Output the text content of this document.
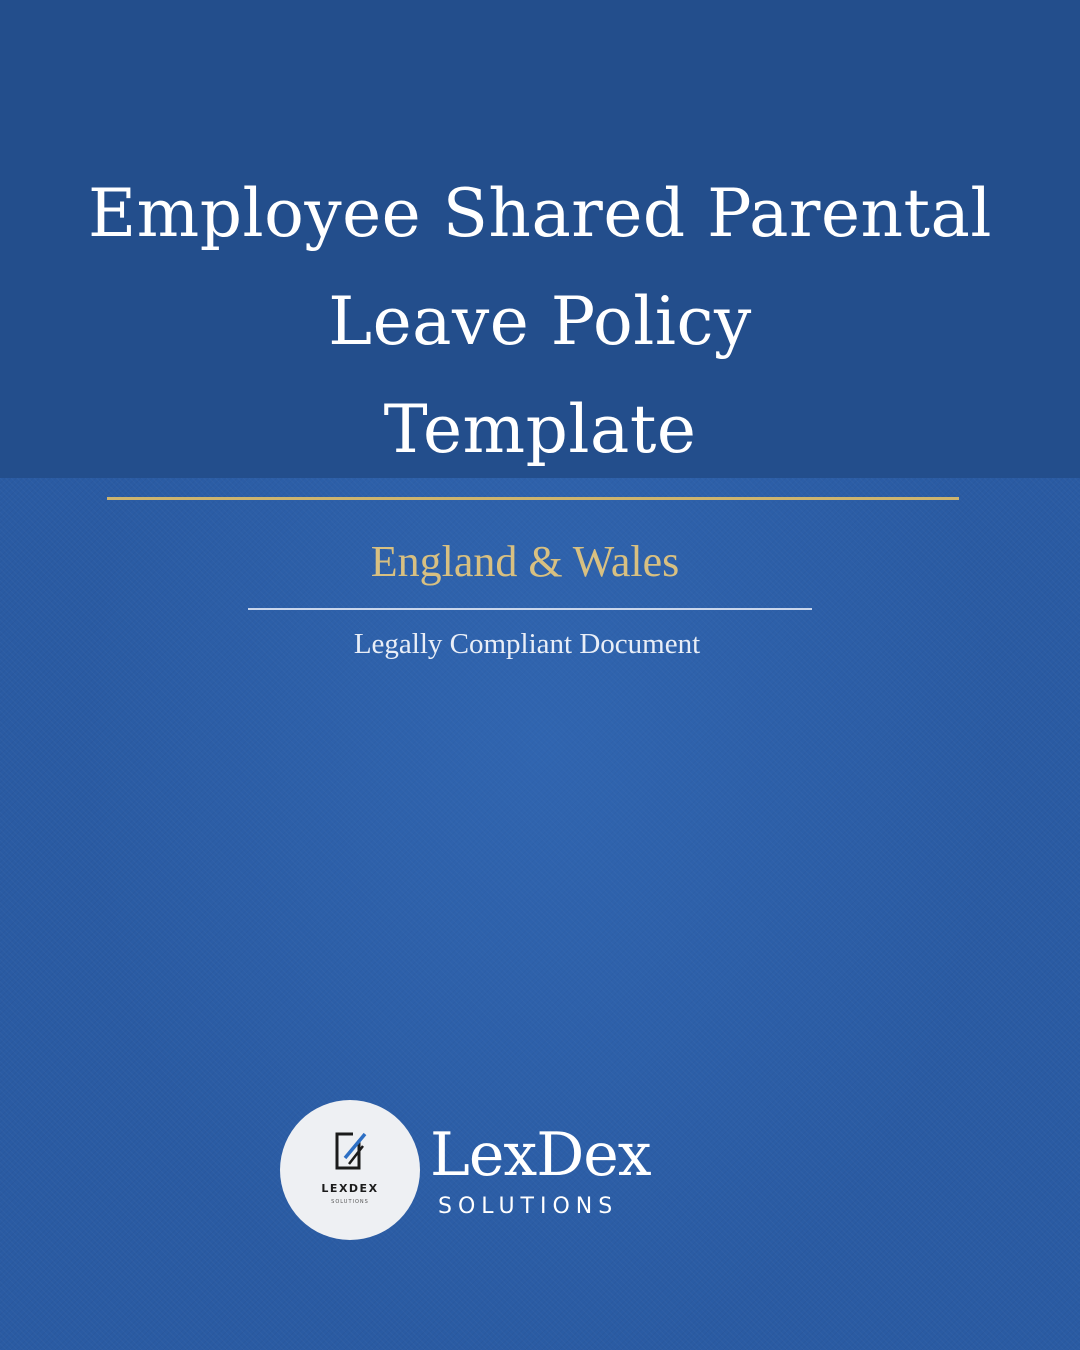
Employee Shared Parental
Leave Policy
Template
England & Wales
Legally Compliant Document
LEXDEX
SOLUTIONS
LexDex
SOLUTIONS
